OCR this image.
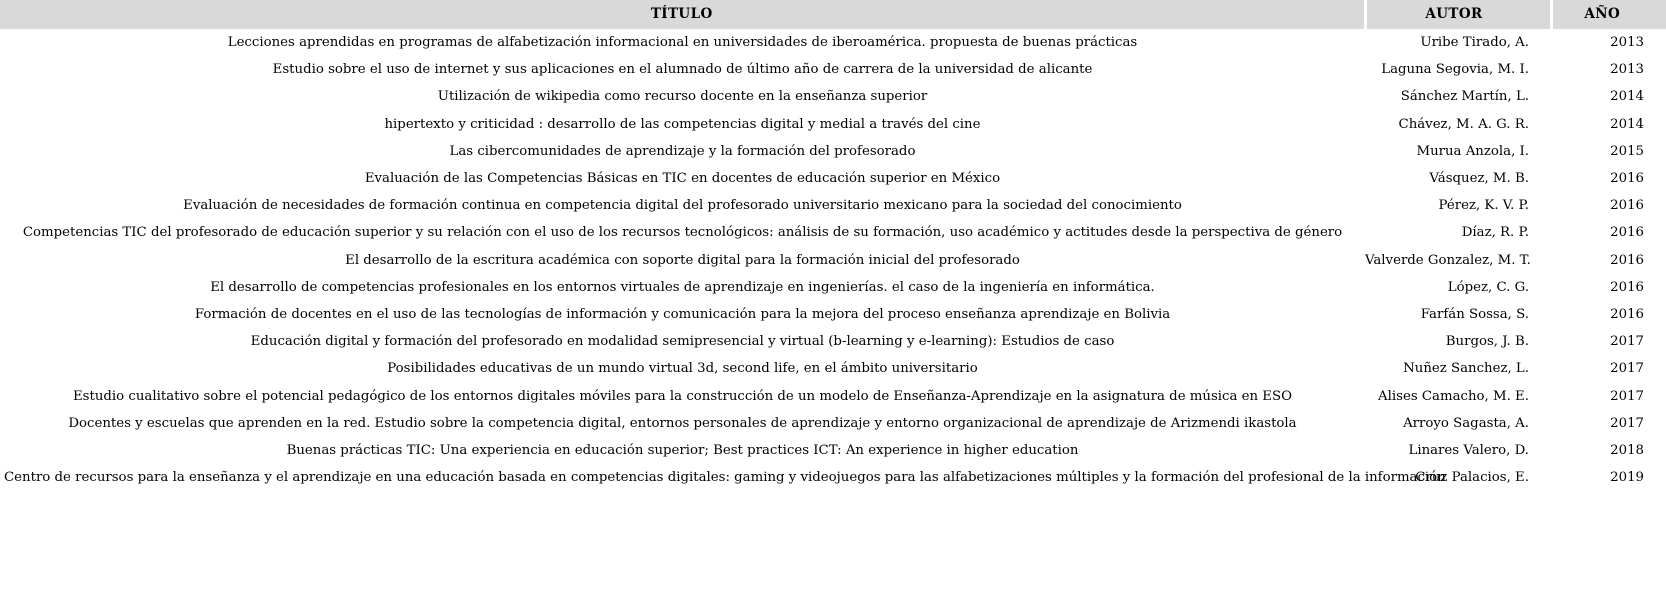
TÍTULO	AUTOR	AÑO
Lecciones aprendidas en programas de alfabetización informacional en universidades de iberoamérica. propuesta de buenas prácticas	Uribe Tirado, A.	2013
Estudio sobre el uso de internet y sus aplicaciones en el alumnado de último año de carrera de la universidad de alicante	Laguna Segovia, M. I.	2013
Utilización de wikipedia como recurso docente en la enseñanza superior	Sánchez Martín, L.	2014
hipertexto y criticidad : desarrollo de las competencias digital y medial a través del cine	Chávez, M. A. G. R.	2014
Las cibercomunidades de aprendizaje y la formación del profesorado	Murua Anzola, I.	2015
Evaluación de las Competencias Básicas en TIC en docentes de educación superior en México	Vásquez, M. B.	2016
Evaluación de necesidades de formación continua en competencia digital del profesorado universitario mexicano para la sociedad del conocimiento	Pérez, K. V. P.	2016
Competencias TIC del profesorado de educación superior y su relación con el uso de los recursos tecnológicos: análisis de su formación, uso académico y actitudes desde la perspectiva de género	Díaz, R. P.	2016
El desarrollo de la escritura académica con soporte digital para la formación inicial del profesorado	Valverde Gonzalez, M. T.	2016
El desarrollo de competencias profesionales en los entornos virtuales de aprendizaje en ingenierías. el caso de la ingeniería en informática.	López, C. G.	2016
Formación de docentes en el uso de las tecnologías de información y comunicación para la mejora del proceso enseñanza aprendizaje en Bolivia	Farfán Sossa, S.	2016
Educación digital y formación del profesorado en modalidad semipresencial y virtual (b-learning y e-learning): Estudios de caso	Burgos, J. B.	2017
Posibilidades educativas de un mundo virtual 3d, second life, en el ámbito universitario	Nuñez Sanchez, L.	2017
Estudio cualitativo sobre el potencial pedagógico de los entornos digitales móviles para la construcción de un modelo de Enseñanza-Aprendizaje en la asignatura de música en ESO	Alises Camacho, M. E.	2017
Docentes y escuelas que aprenden en la red. Estudio sobre la competencia digital, entornos personales de aprendizaje y entorno organizacional de aprendizaje de Arizmendi ikastola	Arroyo Sagasta, A.	2017
Buenas prácticas TIC: Una experiencia en educación superior; Best practices ICT: An experience in higher education	Linares Valero, D.	2018
Centro de recursos para la enseñanza y el aprendizaje en una educación basada en competencias digitales: gaming y videojuegos para las alfabetizaciones múltiples y la formación del profesional de la información	Cruz Palacios, E.	2019
